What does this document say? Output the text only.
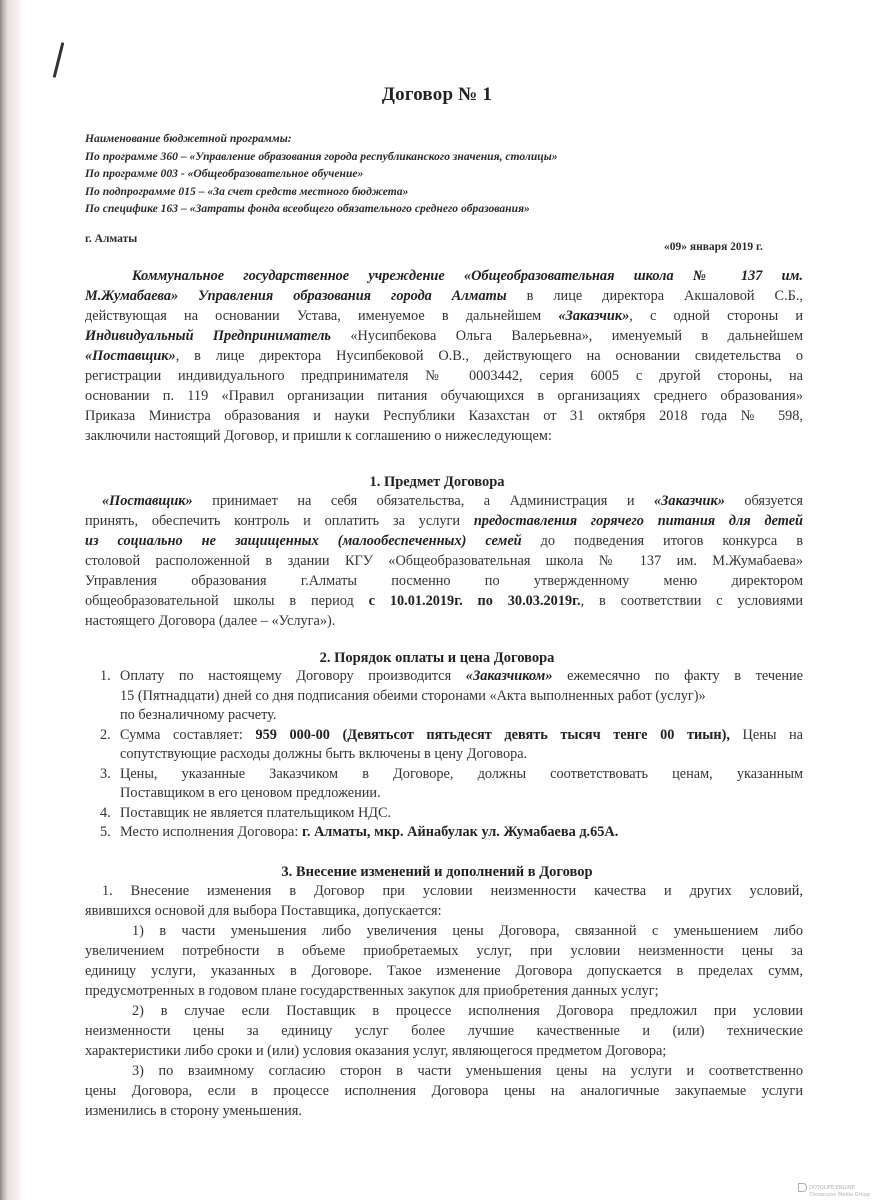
Договор № 1
Наименование бюджетной программы:
По программе 360 – «Управление образования города республиканского значения, столицы»
По программе 003 - «Общеобразовательное обучение»
По подпрограмме 015 – «За счет средств местного бюджета»
По специфике 163 – «Затраты фонда всеобщего обязательного среднего образования»
г. Алматы
«09» января 2019 г.
Коммунальное государственное учреждение «Общеобразовательная школа № 137 им.
М.Жумабаева» Управления образования города Алматы в лице директора Акшаловой С.Б.,
действующая на основании Устава, именуемое в дальнейшем «Заказчик», с одной стороны и
Индивидуальный Предприниматель «Нусипбекова Ольга Валерьевна», именуемый в дальнейшем
«Поставщик», в лице директора Нусипбековой О.В., действующего на основании свидетельства о
регистрации индивидуального предпринимателя № 0003442, серия 6005 с другой стороны, на
основании п. 119 «Правил организации питания обучающихся в организациях среднего образования»
Приказа Министра образования и науки Республики Казахстан от 31 октября 2018 года № 598,
заключили настоящий Договор, и пришли к соглашению о нижеследующем:
1. Предмет Договора
«Поставщик» принимает на себя обязательства, а Администрация и «Заказчик» обязуется
принять, обеспечить контроль и оплатить за услуги предоставления горячего питания для детей
из социально не защищенных (малообеспеченных) семей до подведения итогов конкурса в
столовой расположенной в здании КГУ «Общеобразовательная школа № 137 им. М.Жумабаева»
Управления образования г.Алматы посменно по утвержденному меню директором
общеобразовательной школы в период с 10.01.2019г. по 30.03.2019г., в соответствии с условиями
настоящего Договора (далее – «Услуга»).
2. Порядок оплаты и цена Договора
1. Оплату по настоящему Договору производится «Заказчиком» ежемесячно по факту в течение
15 (Пятнадцати) дней со дня подписания обеими сторонами «Акта выполненных работ (услуг)»
по безналичному расчету.
2. Сумма составляет: 959 000-00 (Девятьсот пятьдесят девять тысяч тенге 00 тиын), Цены на
сопутствующие расходы должны быть включены в цену Договора.
3. Цены, указанные Заказчиком в Договоре, должны соответствовать ценам, указанным
Поставщиком в его ценовом предложении.
4. Поставщик не является плательщиком НДС.
5. Место исполнения Договора: г. Алматы, мкр. Айнабулак ул. Жумабаева д.65А.
3. Внесение изменений и дополнений в Договор
1. Внесение изменения в Договор при условии неизменности качества и других условий,
явившихся основой для выбора Поставщика, допускается:
1) в части уменьшения либо увеличения цены Договора, связанной с уменьшением либо
увеличением потребности в объеме приобретаемых услуг, при условии неизменности цены за
единицу услуги, указанных в Договоре. Такое изменение Договора допускается в пределах сумм,
предусмотренных в годовом плане государственных закупок для приобретения данных услуг;
2) в случае если Поставщик в процессе исполнения Договора предложил при условии
неизменности цены за единицу услуг более лучшие качественные и (или) технические
характеристики либо сроки и (или) условия оказания услуг, являющегося предметом Договора;
3) по взаимному согласию сторон в части уменьшения цены на услуги и соответственно
цены Договора, если в процессе исполнения Договора цены на аналогичные закупаемые услуги
изменились в сторону уменьшения.
DOTOLIFE ENGINE
Dimension Media Group
